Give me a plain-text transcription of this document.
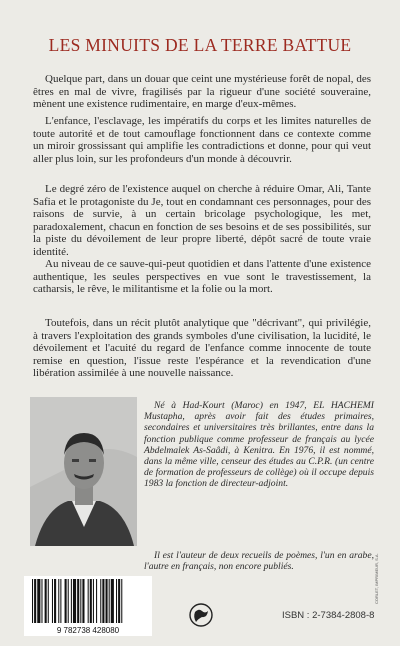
LES MINUITS DE LA TERRE BATTUE

Quelque part, dans un douar que ceint une mystérieuse forêt de nopal, des êtres en mal de vivre, fragilisés par la rigueur d'une société souveraine, mènent une existence rudimentaire, en marge d'eux-mêmes.

L'enfance, l'esclavage, les impératifs du corps et les limites naturelles de toute autorité et de tout camouflage fonctionnent dans ce contexte comme un miroir grossissant qui amplifie les contradictions et donne, pour qui veut aller plus loin, sur les profondeurs d'un monde à découvrir.

Le degré zéro de l'existence auquel on cherche à réduire Omar, Ali, Tante Safia et le protagoniste du Je, tout en condamnant ces personnages, pour des raisons de survie, à un certain bricolage psychologique, les met, paradoxalement, chacun en fonction de ses besoins et de ses possibilités, sur la piste du dévoilement de leur propre liberté, dépôt sacré de toute vraie identité.

Au niveau de ce sauve-qui-peut quotidien et dans l'attente d'une existence authentique, les seules perspectives en vue sont le travestissement, la catharsis, le rêve, le militantisme et la folie ou la mort.

Toutefois, dans un récit plutôt analytique que "décrivant", qui privilégie, à travers l'exploitation des grands symboles d'une civilisation, la lucidité, le dévoilement et l'acuité du regard de l'enfance comme innocente de toute remise en question, l'issue reste l'espérance et la revendication d'une libération assimilée à une nouvelle naissance.

Né à Had-Kourt (Maroc) en 1947, EL HACHEMI Mustapha, après avoir fait des études primaires, secondaires et universitaires très brillantes, entre dans la fonction publique comme professeur de français au lycée Abdelmalek As-Saâdi, à Kenitra. En 1976, il est nommé, dans la même ville, censeur des études au C.P.R. (un centre de formation de professeurs de collège) où il occupe depuis 1983 la fonction de directeur-adjoint.

Il est l'auteur de deux recueils de poèmes, l'un en arabe, l'autre en français, non encore publiés.

9 782738 428080
ISBN : 2-7384-2808-8
CORLET, IMPRIMEUR, S.A.
